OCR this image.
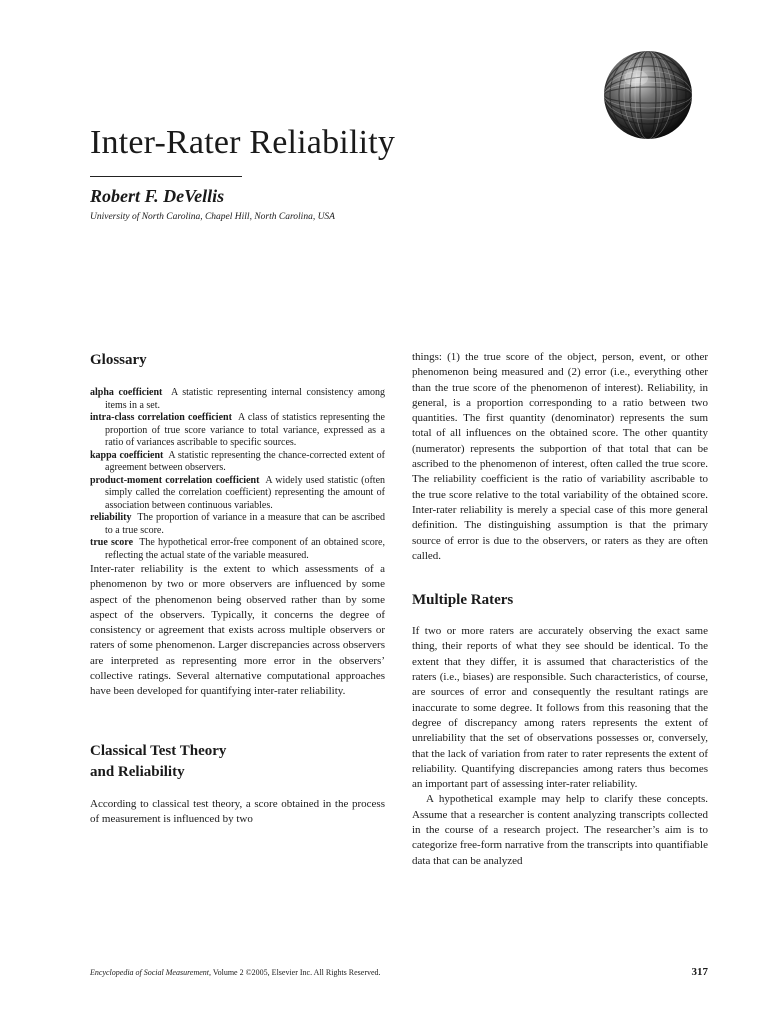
Inter-Rater Reliability

Robert F. DeVellis

University of North Carolina, Chapel Hill, North Carolina, USA

Glossary

alpha coefficient A statistic representing internal consistency among items in a set.

intra-class correlation coefficient A class of statistics representing the proportion of true score variance to total variance, expressed as a ratio of variances ascribable to specific sources.

kappa coefficient A statistic representing the chance-corrected extent of agreement between observers.

product-moment correlation coefficient A widely used statistic (often simply called the correlation coefficient) representing the amount of association between continuous variables.

reliability The proportion of variance in a measure that can be ascribed to a true score.

true score The hypothetical error-free component of an obtained score, reflecting the actual state of the variable measured.

Inter-rater reliability is the extent to which assessments of a phenomenon by two or more observers are influenced by some aspect of the phenomenon being observed rather than by some aspect of the observers. Typically, it concerns the degree of consistency or agreement that exists across multiple observers or raters of some phenomenon. Larger discrepancies across observers are interpreted as representing more error in the observers’ collective ratings. Several alternative computational approaches have been developed for quantifying inter-rater reliability.

Classical Test Theory
and Reliability

According to classical test theory, a score obtained in the process of measurement is influenced by two

things: (1) the true score of the object, person, event, or other phenomenon being measured and (2) error (i.e., everything other than the true score of the phenomenon of interest). Reliability, in general, is a proportion corresponding to a ratio between two quantities. The first quantity (denominator) represents the sum total of all influences on the obtained score. The other quantity (numerator) represents the subportion of that total that can be ascribed to the phenomenon of interest, often called the true score. The reliability coefficient is the ratio of variability ascribable to the true score relative to the total variability of the obtained score. Inter-rater reliability is merely a special case of this more general definition. The distinguishing assumption is that the primary source of error is due to the observers, or raters as they are often called.

Multiple Raters

If two or more raters are accurately observing the exact same thing, their reports of what they see should be identical. To the extent that they differ, it is assumed that characteristics of the raters (i.e., biases) are responsible. Such characteristics, of course, are sources of error and consequently the resultant ratings are inaccurate to some degree. It follows from this reasoning that the degree of discrepancy among raters represents the extent of unreliability that the set of observations possesses or, conversely, that the lack of variation from rater to rater represents the extent of reliability. Quantifying discrepancies among raters thus becomes an important part of assessing inter-rater reliability.

A hypothetical example may help to clarify these concepts. Assume that a researcher is content analyzing transcripts collected in the course of a research project. The researcher’s aim is to categorize free-form narrative from the transcripts into quantifiable data that can be analyzed

Encyclopedia of Social Measurement, Volume 2 ©2005, Elsevier Inc. All Rights Reserved.	317
